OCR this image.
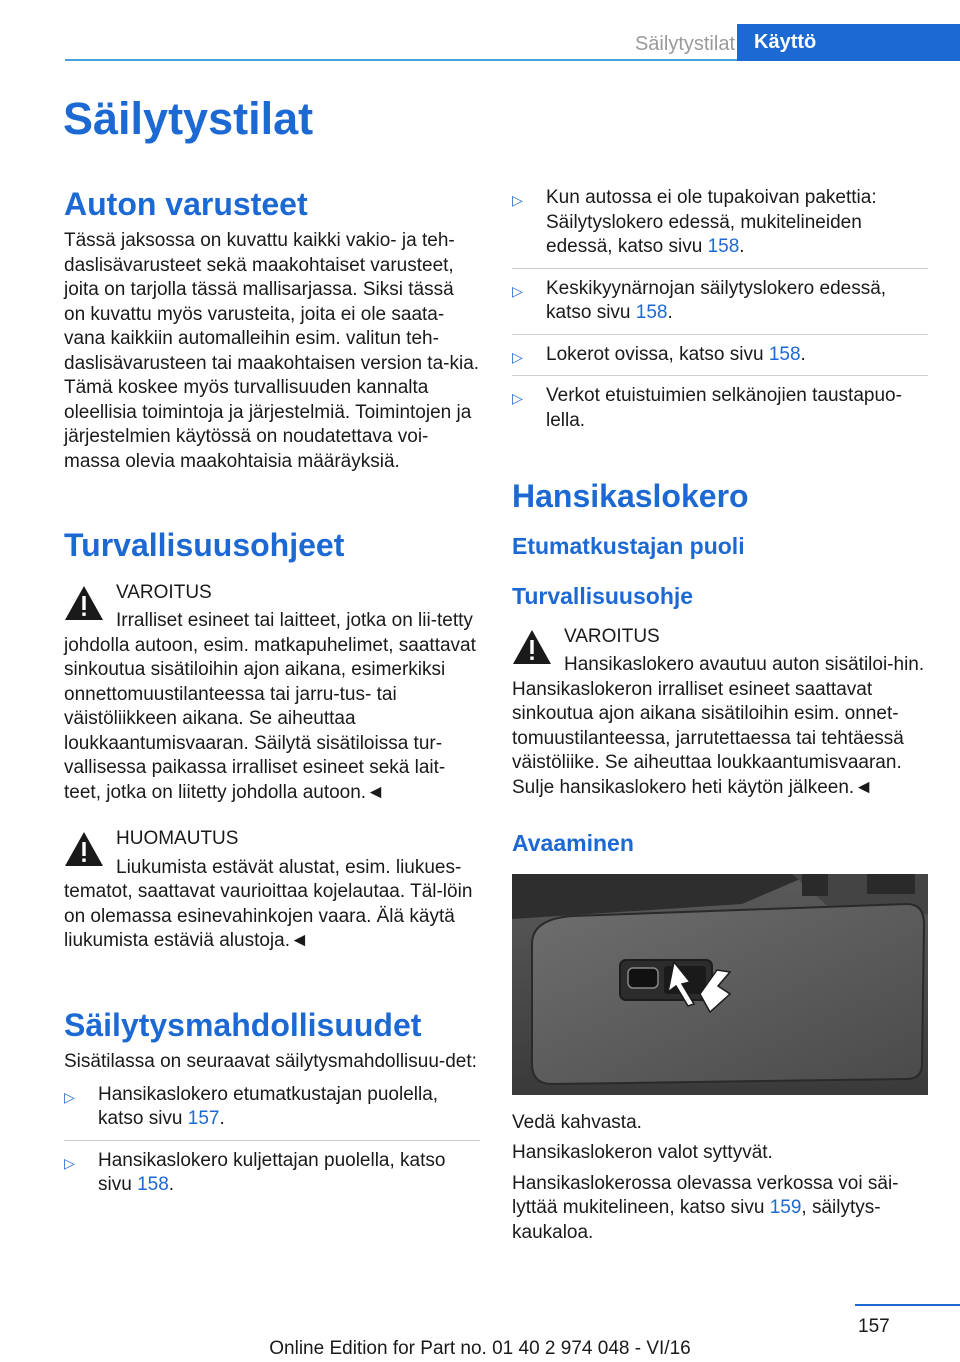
Säilytystilat Käyttö
Säilytystilat
Auton varusteet

Tässä jaksossa on kuvattu kaikki vakio- ja teh-daslisävarusteet sekä maakohtaiset varusteet, joita on tarjolla tässä mallisarjassa. Siksi tässä on kuvattu myös varusteita, joita ei ole saata-vana kaikkiin automalleihin esim. valitun teh-daslisävarusteen tai maakohtaisen version ta-kia. Tämä koskee myös turvallisuuden kannalta oleellisia toimintoja ja järjestelmiä. Toimintojen ja järjestelmien käytössä on noudatettava voi-massa olevia maakohtaisia määräyksiä.

Turvallisuusohjeet
VAROITUS
Irralliset esineet tai laitteet, jotka on lii-tetty johdolla autoon, esim. matkapuhelimet, saattavat sinkoutua sisätiloihin ajon aikana, esimerkiksi onnettomuustilanteessa tai jarru-tus- tai väistöliikkeen aikana. Se aiheuttaa loukkaantumisvaaran. Säilytä sisätiloissa tur-vallisessa paikassa irralliset esineet sekä lait-teet, jotka on liitetty johdolla autoon.◄
HUOMAUTUS
Liukumista estävät alustat, esim. liukues-tematot, saattavat vaurioittaa kojelautaa. Täl-löin on olemassa esinevahinkojen vaara. Älä käytä liukumista estäviä alustoja.◄
Säilytysmahdollisuudet

Sisätilassa on seuraavat säilytysmahdollisuu-det:

▷ Hansikaslokero etumatkustajan puolella, katso sivu 157.
▷ Hansikaslokero kuljettajan puolella, katso sivu 158.
▷ Kun autossa ei ole tupakoivan pakettia: Säilytyslokero edessä, mukitelineiden edessä, katso sivu 158.
▷ Keskikyynärnojan säilytyslokero edessä, katso sivu 158.
▷ Lokerot ovissa, katso sivu 158.
▷ Verkot etuistuimien selkänojien taustapuo-lella.
Hansikaslokero
Etumatkustajan puoli
Turvallisuusohje
VAROITUS
Hansikaslokero avautuu auton sisätiloi-hin. Hansikaslokeron irralliset esineet saattavat sinkoutua ajon aikana sisätiloihin esim. onnet-tomuustilanteessa, jarrutettaessa tai tehtäessä väistöliike. Se aiheuttaa loukkaantumisvaaran. Sulje hansikaslokero heti käytön jälkeen.◄
Avaaminen

Vedä kahvasta.

Hansikaslokeron valot syttyvät.

Hansikaslokerossa olevassa verkossa voi säi-lyttää mukitelineen, katso sivu 159, säilytys-kaukaloa.

157
Online Edition for Part no. 01 40 2 974 048 - VI/16
